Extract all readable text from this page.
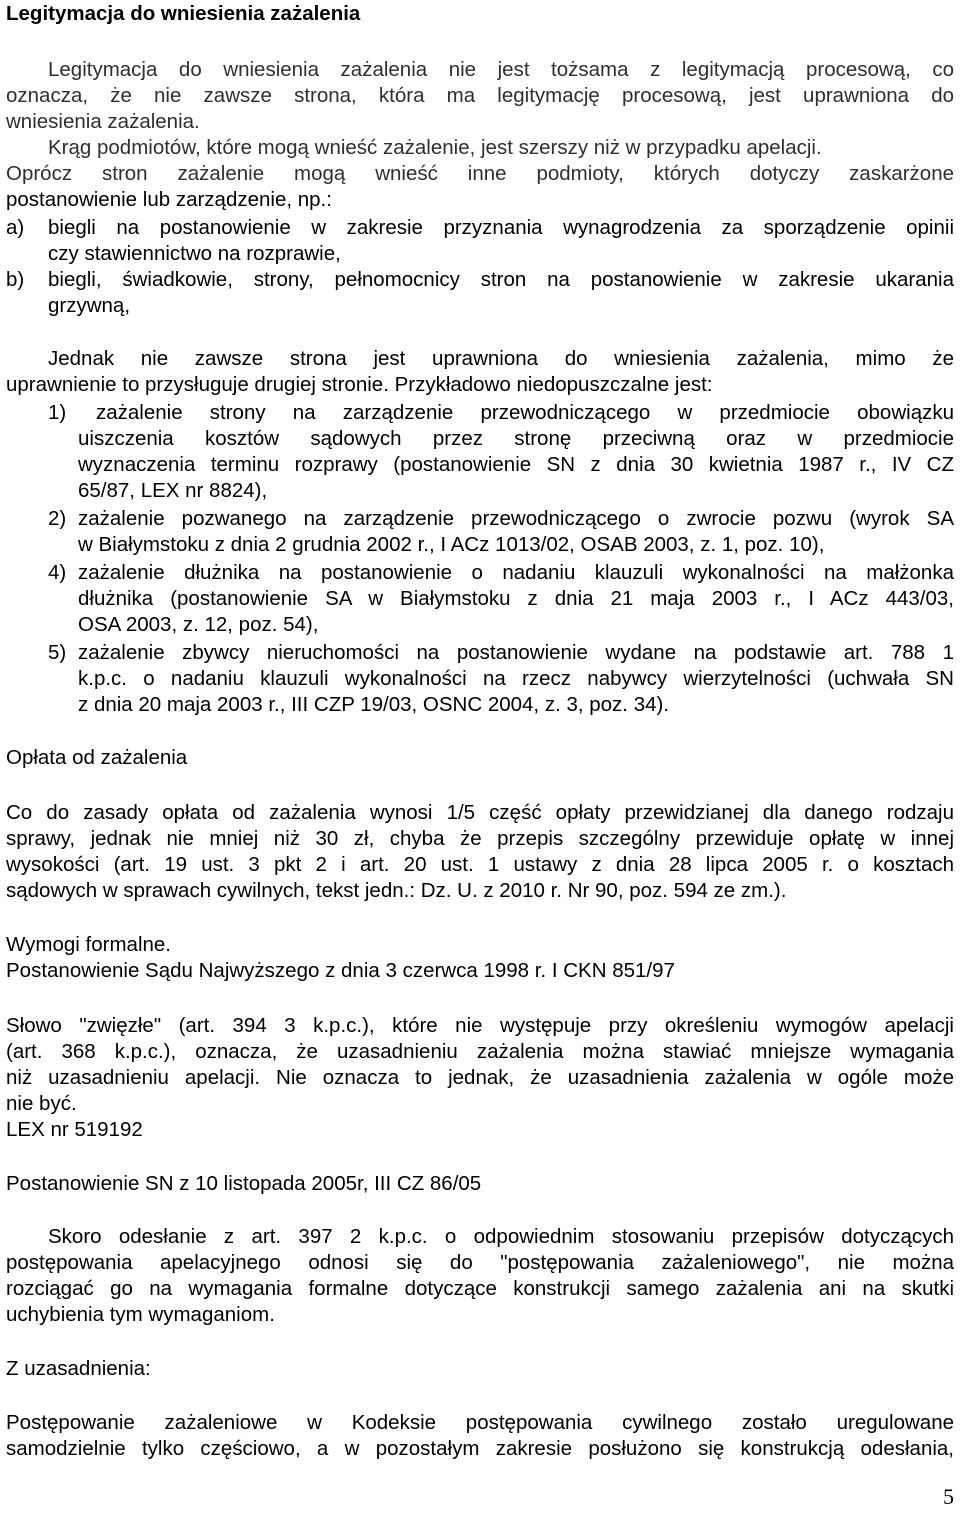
Legitymacja do wniesienia zażalenia
Legitymacja do wniesienia zażalenia nie jest tożsama z legitymacją procesową, co
oznacza, że nie zawsze strona, która ma legitymację procesową, jest uprawniona do
wniesienia zażalenia.
Krąg podmiotów, które mogą wnieść zażalenie, jest szerszy niż w przypadku apelacji.
Oprócz stron zażalenie mogą wnieść inne podmioty, których dotyczy zaskarżone
postanowienie lub zarządzenie, np.:
a)	biegli na postanowienie w zakresie przyznania wynagrodzenia za sporządzenie opinii
czy stawiennictwo na rozprawie,
b)	biegli, świadkowie, strony, pełnomocnicy stron na postanowienie w zakresie ukarania
grzywną,
Jednak nie zawsze strona jest uprawniona do wniesienia zażalenia, mimo że
uprawnienie to przysługuje drugiej stronie. Przykładowo niedopuszczalne jest:
1)	zażalenie strony na zarządzenie przewodniczącego w przedmiocie obowiązku
uiszczenia kosztów sądowych przez stronę przeciwną oraz w przedmiocie
wyznaczenia terminu rozprawy (postanowienie SN z dnia 30 kwietnia 1987 r., IV CZ
65/87, LEX nr 8824),
2) zażalenie pozwanego na zarządzenie przewodniczącego o zwrocie pozwu (wyrok SA
w Białymstoku z dnia 2 grudnia 2002 r., I ACz 1013/02, OSAB 2003, z. 1, poz. 10),
4) zażalenie dłużnika na postanowienie o nadaniu klauzuli wykonalności na małżonka
dłużnika (postanowienie SA w Białymstoku z dnia 21 maja 2003 r., I ACz 443/03,
OSA 2003, z. 12, poz. 54),
5) zażalenie zbywcy nieruchomości na postanowienie wydane na podstawie art. 788 1
k.p.c. o nadaniu klauzuli wykonalności na rzecz nabywcy wierzytelności (uchwała SN
z dnia 20 maja 2003 r., III CZP 19/03, OSNC 2004, z. 3, poz. 34).
Opłata od zażalenia
Co do zasady opłata od zażalenia wynosi 1/5 część opłaty przewidzianej dla danego rodzaju
sprawy, jednak nie mniej niż 30 zł, chyba że przepis szczególny przewiduje opłatę w innej
wysokości (art. 19 ust. 3 pkt 2 i art. 20 ust. 1 ustawy z dnia 28 lipca 2005 r. o kosztach
sądowych w sprawach cywilnych, tekst jedn.: Dz. U. z 2010 r. Nr 90, poz. 594 ze zm.).
Wymogi formalne.
Postanowienie Sądu Najwyższego z dnia 3 czerwca 1998 r. I CKN 851/97
Słowo "zwięzłe" (art. 394 3 k.p.c.), które nie występuje przy określeniu wymogów apelacji
(art. 368 k.p.c.), oznacza, że uzasadnieniu zażalenia można stawiać mniejsze wymagania
niż uzasadnieniu apelacji. Nie oznacza to jednak, że uzasadnienia zażalenia w ogóle może
nie być.
LEX nr 519192
Postanowienie SN z 10 listopada 2005r, III CZ 86/05
Skoro odesłanie z art. 397 2 k.p.c. o odpowiednim stosowaniu przepisów dotyczących
postępowania apelacyjnego odnosi się do "postępowania zażaleniowego", nie można
rozciągać go na wymagania formalne dotyczące konstrukcji samego zażalenia ani na skutki
uchybienia tym wymaganiom.
Z uzasadnienia:
Postępowanie zażaleniowe w Kodeksie postępowania cywilnego zostało uregulowane
samodzielnie tylko częściowo, a w pozostałym zakresie posłużono się konstrukcją odesłania,
5
